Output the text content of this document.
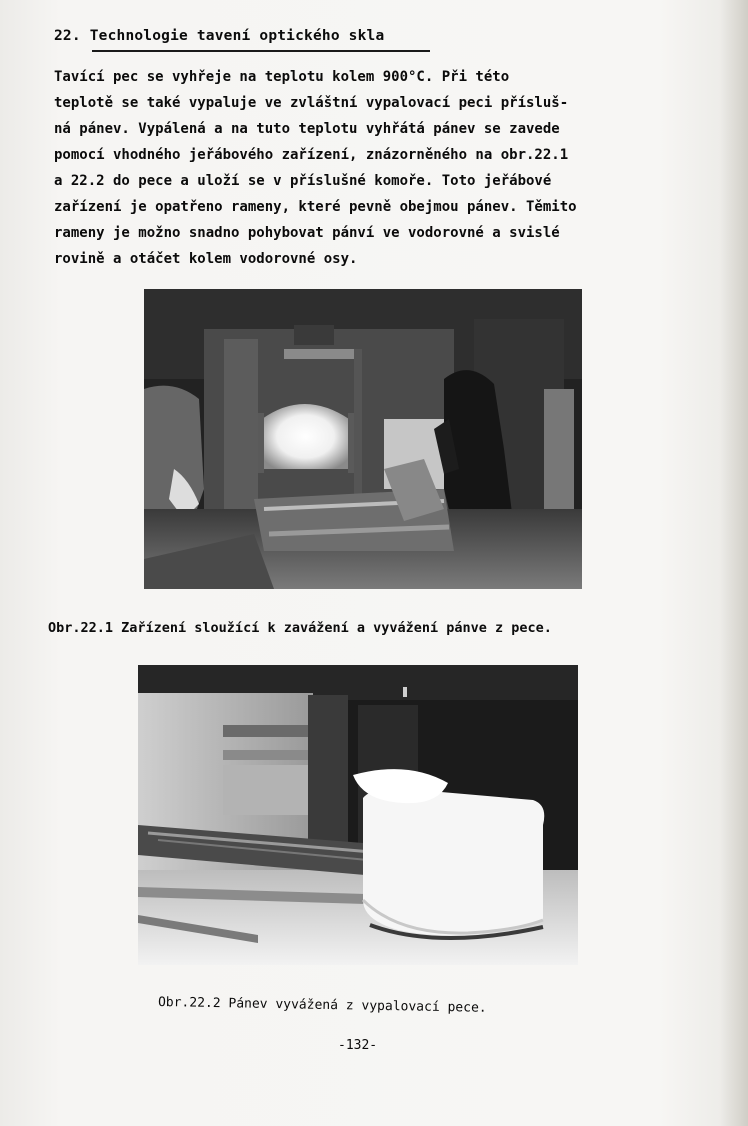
22. Technologie tavení optického skla
Tavící pec se vyhřeje na teplotu kolem 900°C. Při této
teplotě se také vypaluje ve zvláštní vypalovací peci přísluš-
ná pánev. Vypálená a na tuto teplotu vyhřátá pánev se zavede
pomocí vhodného jeřábového zařízení, znázorněného na obr.22.1
a 22.2 do pece a uloží se v příslušné komoře. Toto jeřábové
zařízení je opatřeno rameny, které pevně obejmou pánev. Těmito
rameny je možno snadno pohybovat pánví ve vodorovné a svislé
rovině a otáčet kolem vodorovné osy.
Obr.22.1 Zařízení sloužící k zavážení a vyvážení pánve z pece.
Obr.22.2 Pánev vyvážená z vypalovací pece.
-132-
